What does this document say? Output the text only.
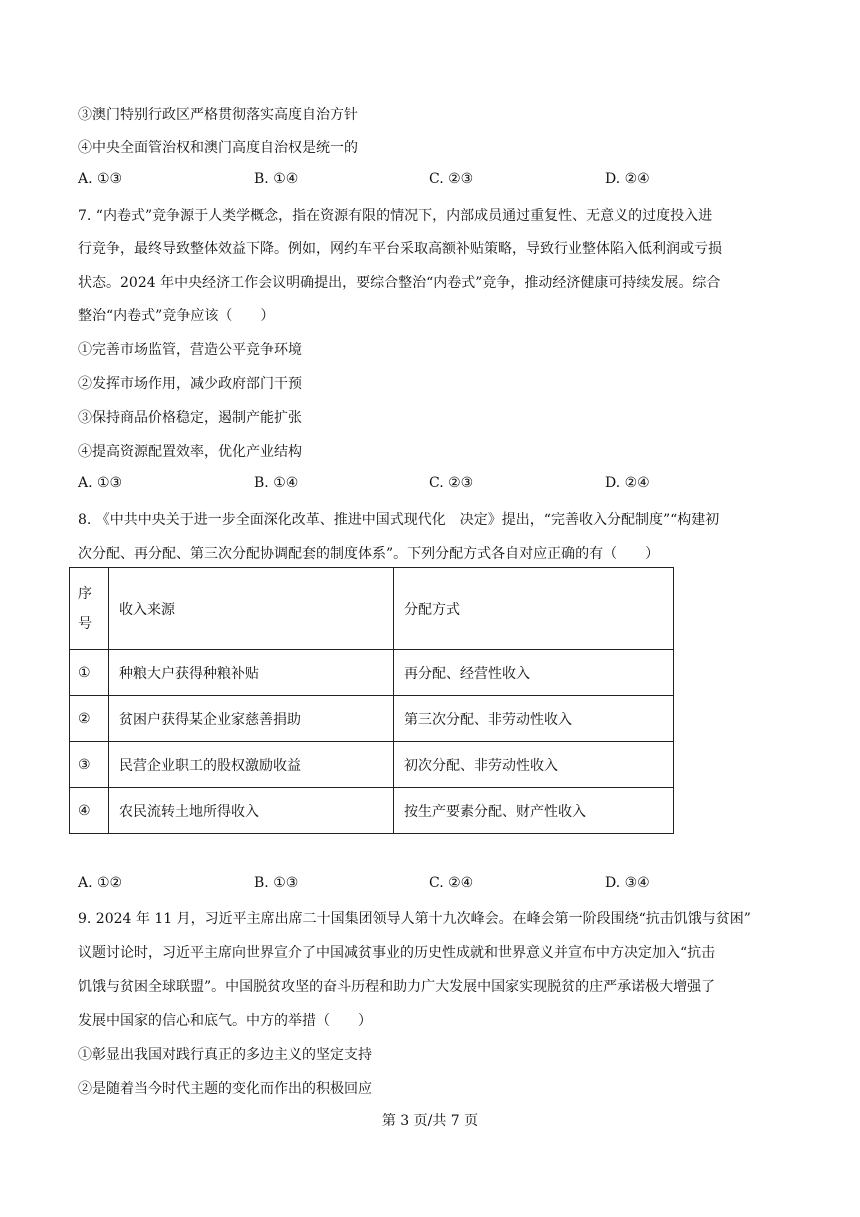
③澳门特别行政区严格贯彻落实高度自治方针
④中央全面管治权和澳门高度自治权是统一的
A. ①③	B. ①④	C. ②③	D. ②④
7. “内卷式”竞争源于人类学概念，指在资源有限的情况下，内部成员通过重复性、无意义的过度投入进
行竞争，最终导致整体效益下降。例如，网约车平台采取高额补贴策略，导致行业整体陷入低利润或亏损
状态。2024 年中央经济工作会议明确提出，要综合整治“内卷式”竞争，推动经济健康可持续发展。综合
整治“内卷式”竞争应该（　　）
①完善市场监管，营造公平竞争环境
②发挥市场作用，减少政府部门干预
③保持商品价格稳定，遏制产能扩张
④提高资源配置效率，优化产业结构
A. ①③	B. ①④	C. ②③	D. ②④
8. 《中共中央关于进一步全面深化改革、推进中国式现代化　决定》提出，“完善收入分配制度”“构建初
次分配、再分配、第三次分配协调配套的制度体系”。下列分配方式各自对应正确的有（　　）
序
号	收入来源	分配方式
①	种粮大户获得种粮补贴	再分配、经营性收入
②	贫困户获得某企业家慈善捐助	第三次分配、非劳动性收入
③	民营企业职工的股权激励收益	初次分配、非劳动性收入
④	农民流转土地所得收入	按生产要素分配、财产性收入
A. ①②	B. ①③	C. ②④	D. ③④
9. 2024 年 11 月，习近平主席出席二十国集团领导人第十九次峰会。在峰会第一阶段围绕“抗击饥饿与贫困”
议题讨论时，习近平主席向世界宣介了中国减贫事业的历史性成就和世界意义并宣布中方决定加入“抗击
饥饿与贫困全球联盟”。中国脱贫攻坚的奋斗历程和助力广大发展中国家实现脱贫的庄严承诺极大增强了
发展中国家的信心和底气。中方的举措（　　）
①彰显出我国对践行真正的多边主义的坚定支持
②是随着当今时代主题的变化而作出的积极回应
第 3 页/共 7 页
